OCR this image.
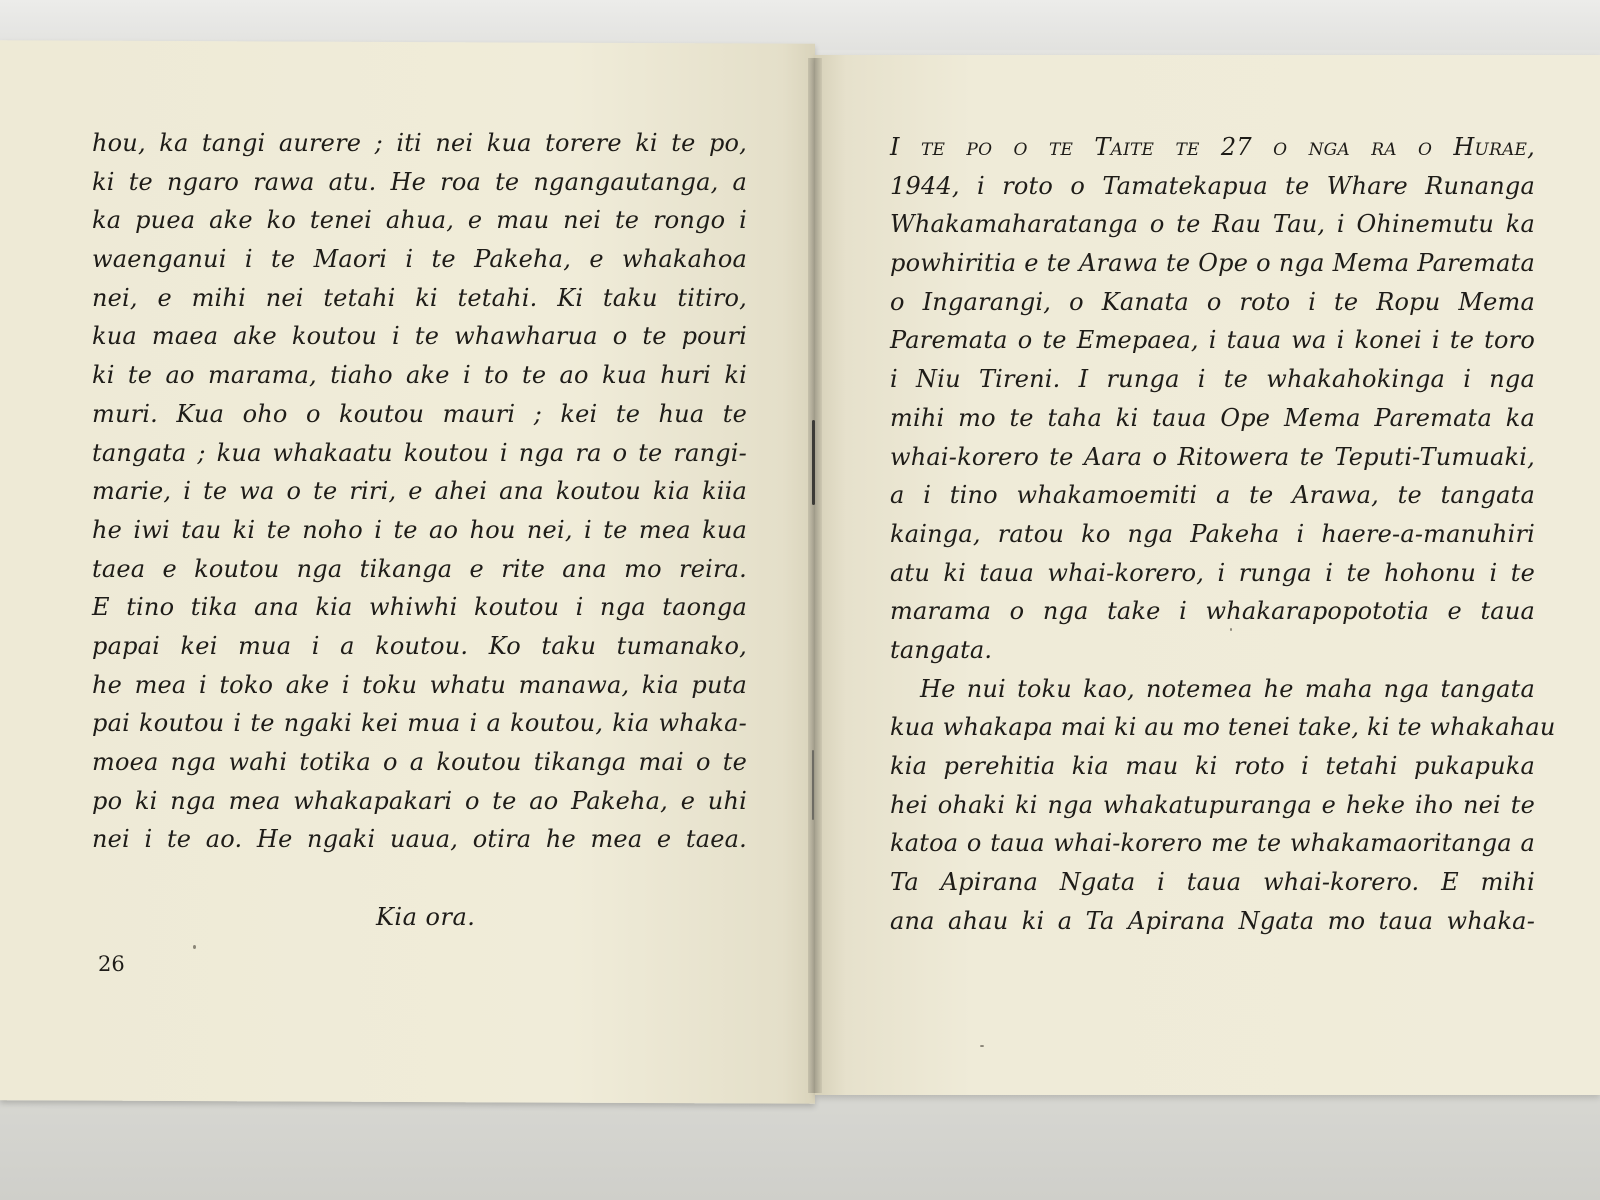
hou, ka tangi aurere ; iti nei kua torere ki te po,
ki te ngaro rawa atu. He roa te ngangautanga, a
ka puea ake ko tenei ahua, e mau nei te rongo i
waenganui i te Maori i te Pakeha, e whakahoa
nei, e mihi nei tetahi ki tetahi. Ki taku titiro,
kua maea ake koutou i te whawharua o te pouri
ki te ao marama, tiaho ake i to te ao kua huri ki
muri. Kua oho o koutou mauri ; kei te hua te
tangata ; kua whakaatu koutou i nga ra o te rangi-
marie, i te wa o te riri, e ahei ana koutou kia kiia
he iwi tau ki te noho i te ao hou nei, i te mea kua
taea e koutou nga tikanga e rite ana mo reira.
E tino tika ana kia whiwhi koutou i nga taonga
papai kei mua i a koutou. Ko taku tumanako,
he mea i toko ake i toku whatu manawa, kia puta
pai koutou i te ngaki kei mua i a koutou, kia whaka-
moea nga wahi totika o a koutou tikanga mai o te
po ki nga mea whakapakari o te ao Pakeha, e uhi
nei i te ao. He ngaki uaua, otira he mea e taea.
Kia ora.
26
I te po o te Taite te 27 o nga ra o Hurae,
1944, i roto o Tamatekapua te Whare Runanga
Whakamaharatanga o te Rau Tau, i Ohinemutu ka
powhiritia e te Arawa te Ope o nga Mema Paremata
o Ingarangi, o Kanata o roto i te Ropu Mema
Paremata o te Emepaea, i taua wa i konei i te toro
i Niu Tireni. I runga i te whakahokinga i nga
mihi mo te taha ki taua Ope Mema Paremata ka
whai-korero te Aara o Ritowera te Teputi-Tumuaki,
a i tino whakamoemiti a te Arawa, te tangata
kainga, ratou ko nga Pakeha i haere-a-manuhiri
atu ki taua whai-korero, i runga i te hohonu i te
marama o nga take i whakarapopototia e taua
tangata.
He nui toku kao, notemea he maha nga tangata
kua whakapa mai ki au mo tenei take, ki te whakahau
kia perehitia kia mau ki roto i tetahi pukapuka
hei ohaki ki nga whakatupuranga e heke iho nei te
katoa o taua whai-korero me te whakamaoritanga a
Ta Apirana Ngata i taua whai-korero. E mihi
ana ahau ki a Ta Apirana Ngata mo taua whaka-
